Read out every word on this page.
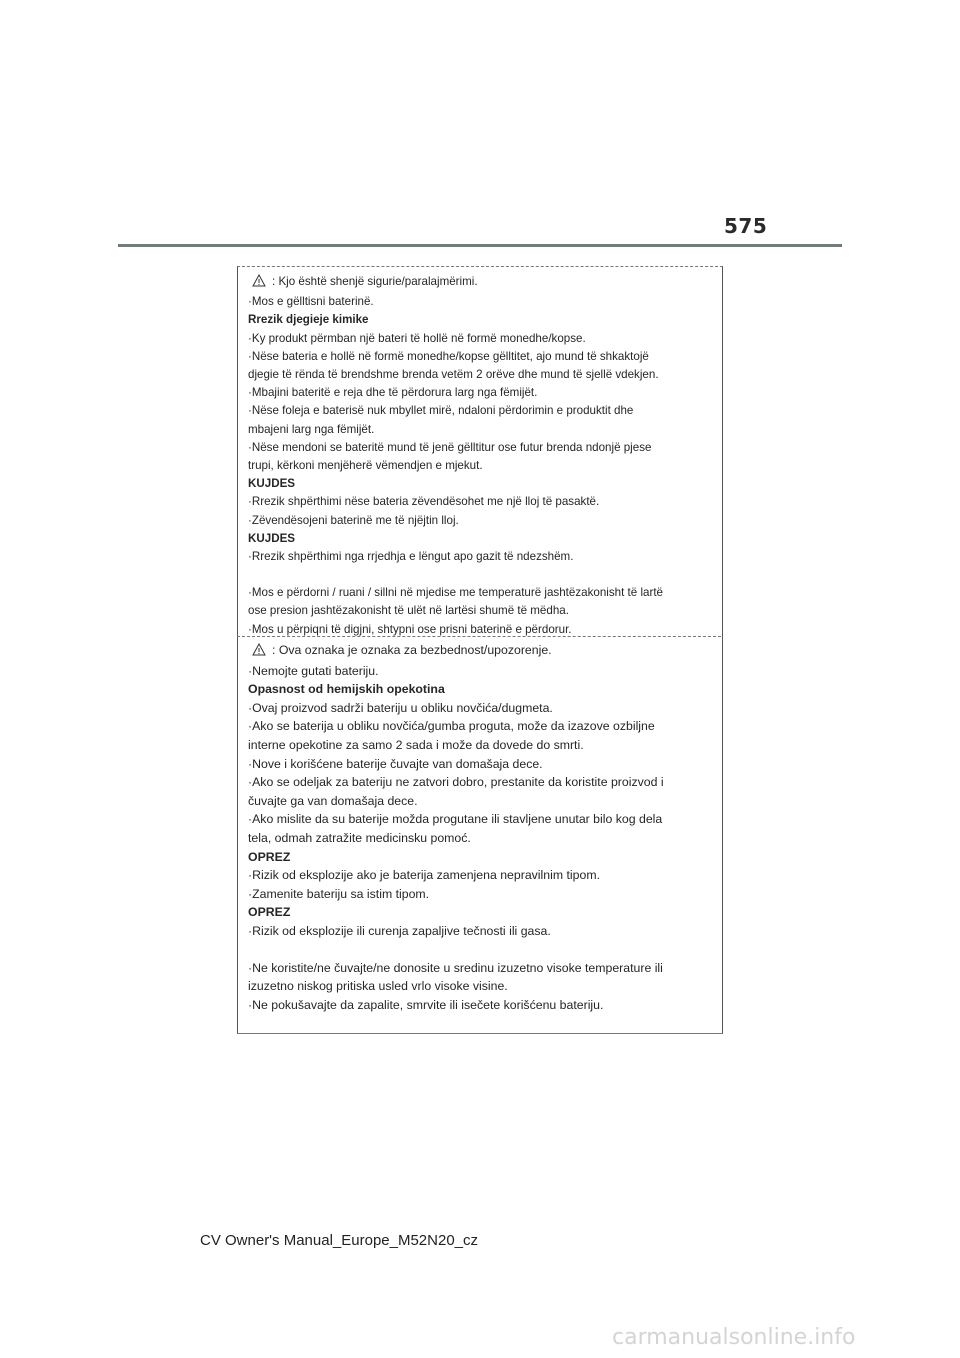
575
: Kjo është shenjë sigurie/paralajmërimi.
·Mos e gëlltisni baterinë.
Rrezik djegieje kimike
·Ky produkt përmban një bateri të hollë në formë monedhe/kopse.
·Nëse bateria e hollë në formë monedhe/kopse gëlltitet, ajo mund të shkaktojë
djegie të rënda të brendshme brenda vetëm 2 orëve dhe mund të sjellë vdekjen.
·Mbajini bateritë e reja dhe të përdorura larg nga fëmijët.
·Nëse foleja e baterisë nuk mbyllet mirë, ndaloni përdorimin e produktit dhe
mbajeni larg nga fëmijët.
·Nëse mendoni se bateritë mund të jenë gëlltitur ose futur brenda ndonjë pjese
trupi, kërkoni menjëherë vëmendjen e mjekut.
KUJDES
·Rrezik shpërthimi nëse bateria zëvendësohet me një lloj të pasaktë.
·Zëvendësojeni baterinë me të njëjtin lloj.
KUJDES
·Rrezik shpërthimi nga rrjedhja e lëngut apo gazit të ndezshëm.
·Mos e përdorni / ruani / sillni në mjedise me temperaturë jashtëzakonisht të lartë
ose presion jashtëzakonisht të ulët në lartësi shumë të mëdha.
·Mos u përpiqni të digjni, shtypni ose prisni baterinë e përdorur.
: Ova oznaka je oznaka za bezbednost/upozorenje.
·Nemojte gutati bateriju.
Opasnost od hemijskih opekotina
·Ovaj proizvod sadrži bateriju u obliku novčića/dugmeta.
·Ako se baterija u obliku novčića/gumba proguta, može da izazove ozbiljne
interne opekotine za samo 2 sada i može da dovede do smrti.
·Nove i korišćene baterije čuvajte van domašaja dece.
·Ako se odeljak za bateriju ne zatvori dobro, prestanite da koristite proizvod i
čuvajte ga van domašaja dece.
·Ako mislite da su baterije možda progutane ili stavljene unutar bilo kog dela
tela, odmah zatražite medicinsku pomoć.
OPREZ
·Rizik od eksplozije ako je baterija zamenjena nepravilnim tipom.
·Zamenite bateriju sa istim tipom.
OPREZ
·Rizik od eksplozije ili curenja zapaljive tečnosti ili gasa.
·Ne koristite/ne čuvajte/ne donosite u sredinu izuzetno visoke temperature ili
izuzetno niskog pritiska usled vrlo visoke visine.
·Ne pokušavajte da zapalite, smrvite ili isečete korišćenu bateriju.
CV Owner's Manual_Europe_M52N20_cz
carmanualsonline.info
